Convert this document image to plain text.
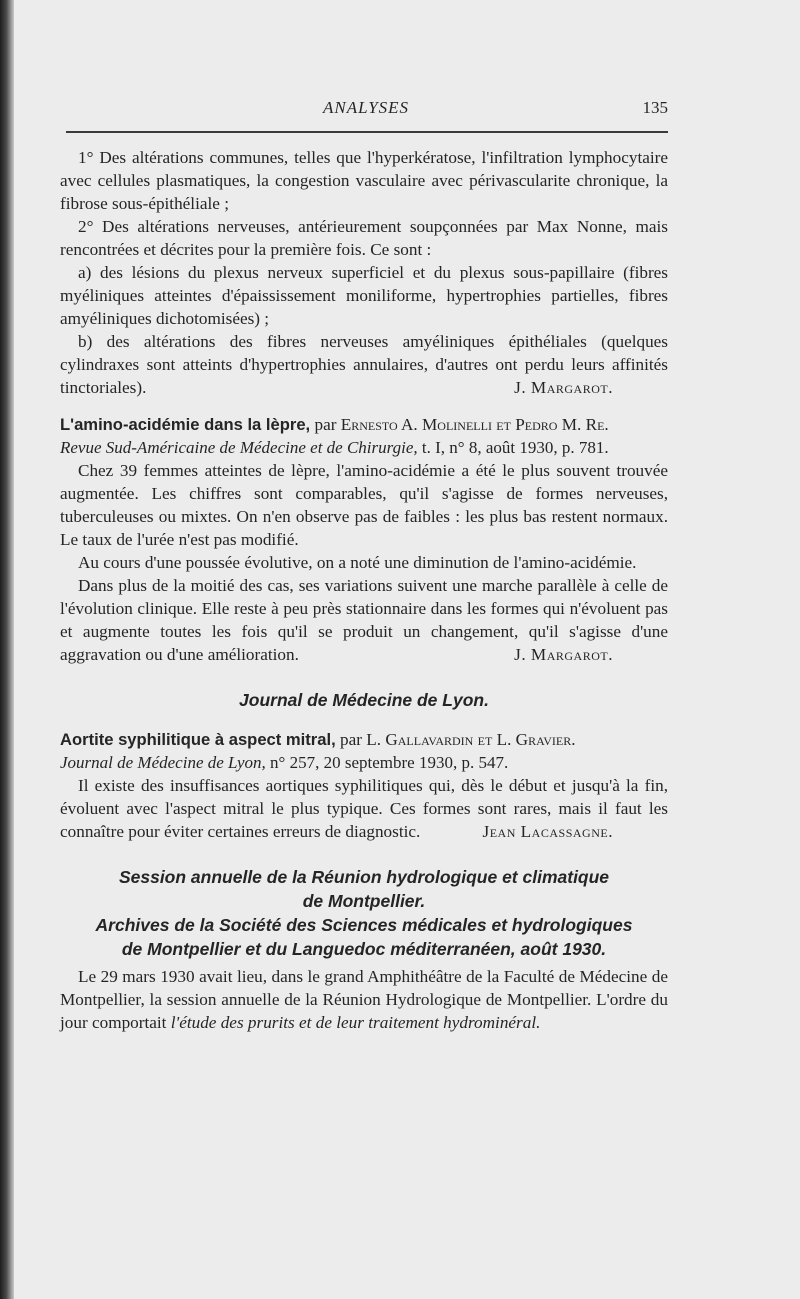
ANALYSES	135

1° Des altérations communes, telles que l'hyperkératose, l'infiltration lymphocytaire avec cellules plasmatiques, la congestion vasculaire avec périvascularite chronique, la fibrose sous-épithéliale ;

2° Des altérations nerveuses, antérieurement soupçonnées par Max Nonne, mais rencontrées et décrites pour la première fois. Ce sont :

a) des lésions du plexus nerveux superficiel et du plexus sous-papillaire (fibres myéliniques atteintes d'épaississement moniliforme, hypertrophies partielles, fibres amyéliniques dichotomisées) ;

b) des altérations des fibres nerveuses amyéliniques épithéliales (quelques cylindraxes sont atteints d'hypertrophies annulaires, d'autres ont perdu leurs affinités tinctoriales).	J. Margarot.

L'amino-acidémie dans la lèpre, par Ernesto A. Molinelli et Pedro M. Re.

Revue Sud-Américaine de Médecine et de Chirurgie, t. I, n° 8, août 1930, p. 781.

Chez 39 femmes atteintes de lèpre, l'amino-acidémie a été le plus souvent trouvée augmentée. Les chiffres sont comparables, qu'il s'agisse de formes nerveuses, tuberculeuses ou mixtes. On n'en observe pas de faibles : les plus bas restent normaux. Le taux de l'urée n'est pas modifié.

Au cours d'une poussée évolutive, on a noté une diminution de l'amino-acidémie.

Dans plus de la moitié des cas, ses variations suivent une marche parallèle à celle de l'évolution clinique. Elle reste à peu près stationnaire dans les formes qui n'évoluent pas et augmente toutes les fois qu'il se produit un changement, qu'il s'agisse d'une aggravation ou d'une amélioration.	J. Margarot.

Journal de Médecine de Lyon.
Aortite syphilitique à aspect mitral, par L. Gallavardin et L. Gravier.

Journal de Médecine de Lyon, n° 257, 20 septembre 1930, p. 547.

Il existe des insuffisances aortiques syphilitiques qui, dès le début et jusqu'à la fin, évoluent avec l'aspect mitral le plus typique. Ces formes sont rares, mais il faut les connaître pour éviter certaines erreurs de diagnostic.	Jean Lacassagne.

Session annuelle de la Réunion hydrologique et climatique
de Montpellier.
Archives de la Société des Sciences médicales et hydrologiques
de Montpellier et du Languedoc méditerranéen, août 1930.

Le 29 mars 1930 avait lieu, dans le grand Amphithéâtre de la Faculté de Médecine de Montpellier, la session annuelle de la Réunion Hydrologique de Montpellier. L'ordre du jour comportait l'étude des prurits et de leur traitement hydrominéral.
